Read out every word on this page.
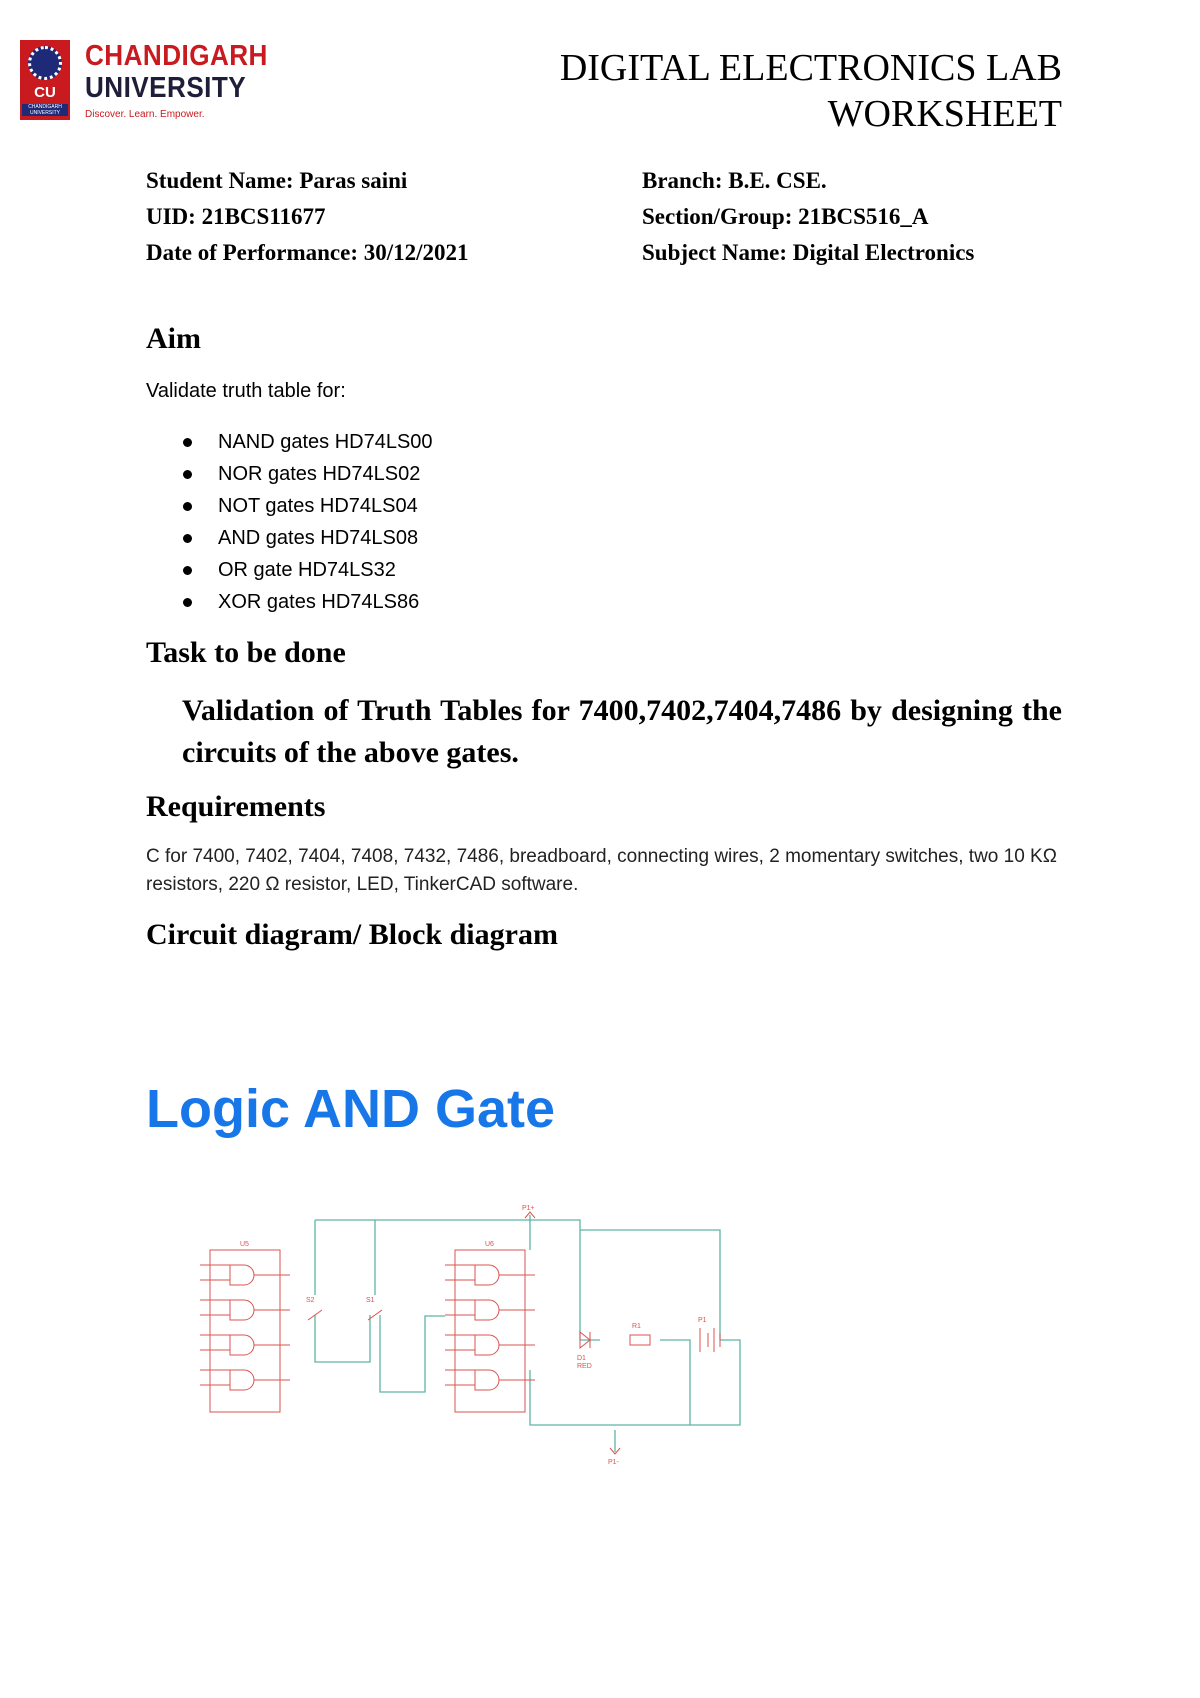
CU
CHANDIGARH UNIVERSITY
CHANDIGARH
UNIVERSITY
Discover. Learn. Empower.
DIGITAL ELECTRONICS LAB
WORKSHEET
Student Name: Paras saini
UID: 21BCS11677
Date of Performance: 30/12/2021
Branch: B.E. CSE.
Section/Group: 21BCS516_A
Subject Name: Digital Electronics
Aim
Validate truth table for:
NAND gates HD74LS00
NOR gates HD74LS02
NOT gates HD74LS04
AND gates HD74LS08
OR gate HD74LS32
XOR gates HD74LS86
Task to be done
Validation of Truth Tables for 7400,7402,7404,7486 by designing the circuits of the above gates.
Requirements
C for 7400, 7402, 7404, 7408, 7432, 7486, breadboard, connecting wires, 2 momentary switches, two 10 KΩ resistors, 220 Ω resistor, LED, TinkerCAD software.
Circuit diagram/ Block diagram
Logic AND Gate
U5	U6
S2	S1
D1
RED
R1
P1
P1+
P1-
